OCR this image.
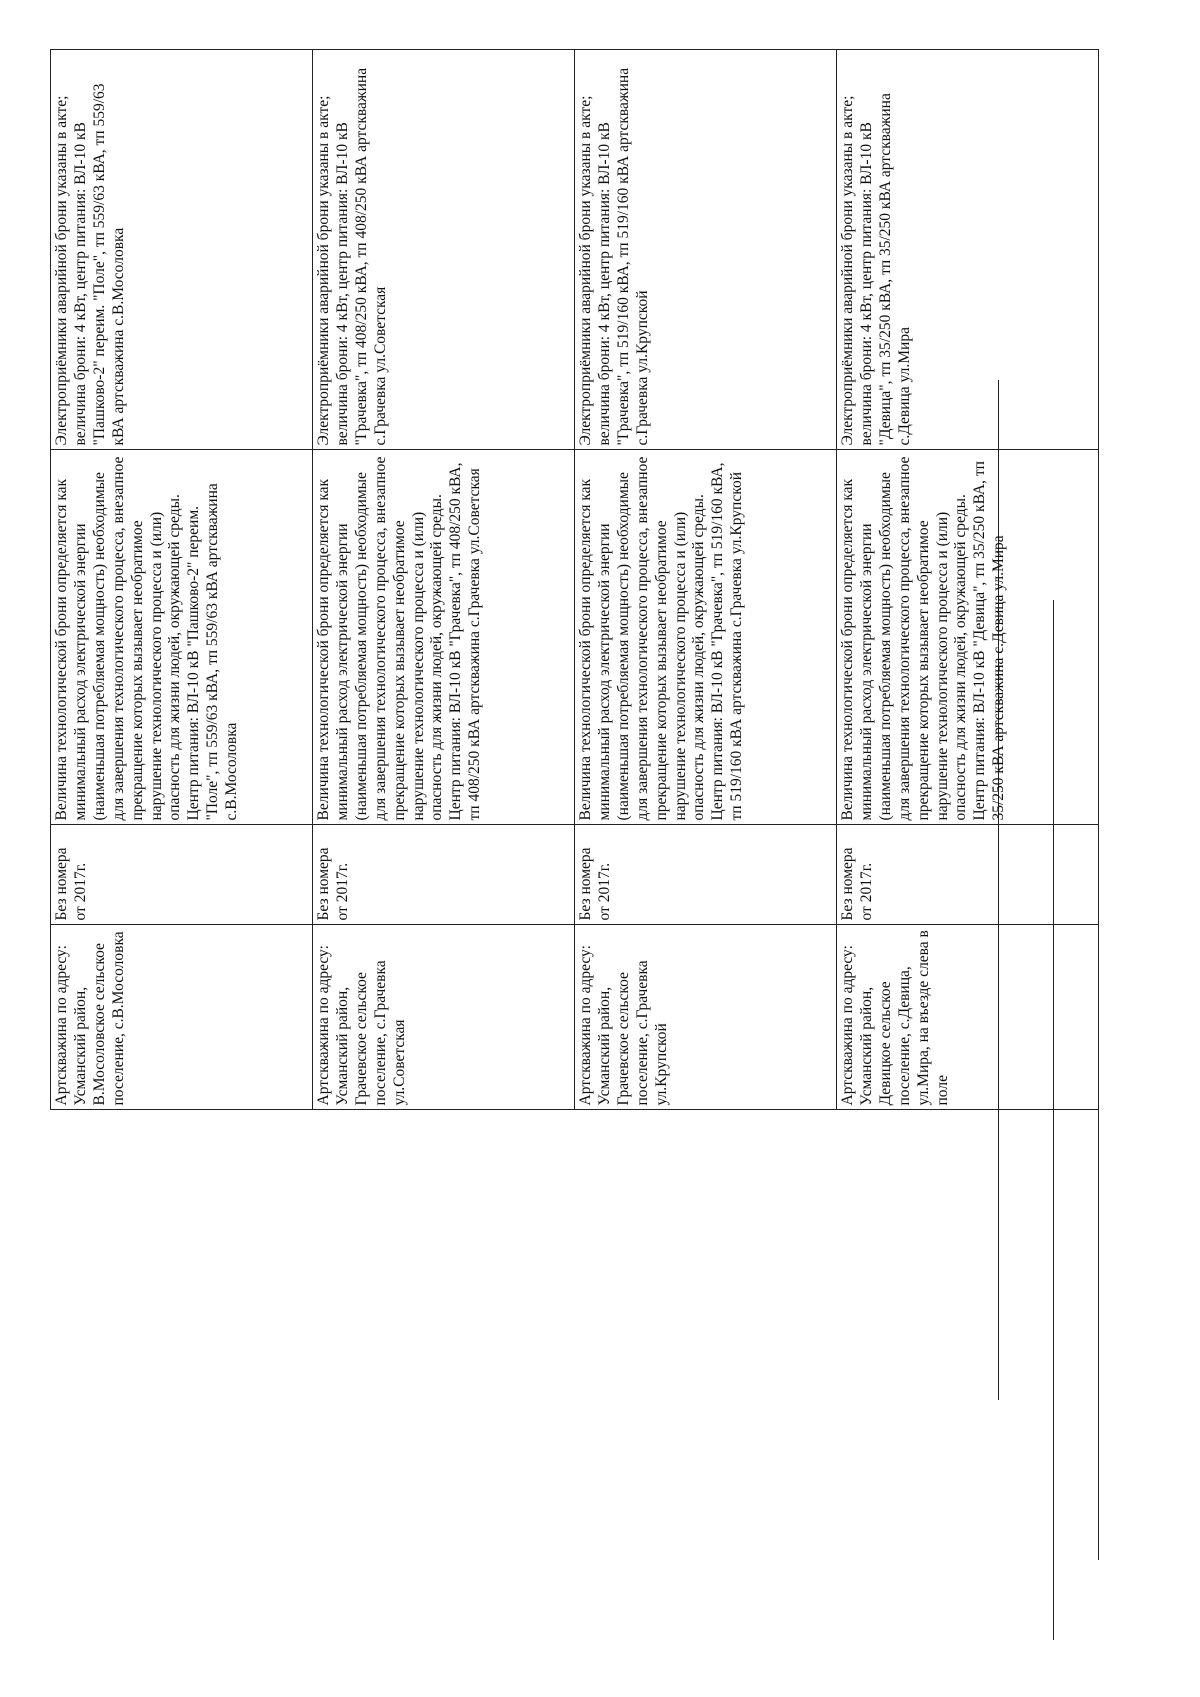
	Артскважина по адресу: Усманский район, В.Мосоловское сельское поселение, с.В.Мосоловка	Без номера от 2017г.	Величина технологической брони определяется как минимальный расход электрической энергии (наименьшая потребляемая мощность) необходимые для завершения технологического процесса, внезапное прекращение которых вызывает необратимое нарушение технологического процесса и (или) опасность для жизни людей, окружающей среды. Центр питания: ВЛ-10 кВ "Пашково-2" переим. "Поле", тп 559/63 кВА, тп 559/63 кВА артскважина с.В.Мосоловка	Электроприёмники аварийной брони указаны в акте; величина брони: 4 кВт, центр питания: ВЛ-10 кВ "Пашково-2" переим. "Поле", тп 559/63 кВА, тп 559/63 кВА артскважина с.В.Мосоловка
	Артскважина по адресу: Усманский район, Грачевское сельское поселение, с.Грачевка ул.Советская	Без номера от 2017г.	Величина технологической брони определяется как минимальный расход электрической энергии (наименьшая потребляемая мощность) необходимые для завершения технологического процесса, внезапное прекращение которых вызывает необратимое нарушение технологического процесса и (или) опасность для жизни людей, окружающей среды. Центр питания: ВЛ-10 кВ "Грачевка", тп 408/250 кВА, тп 408/250 кВА артскважина с.Грачевка ул.Советская	Электроприёмники аварийной брони указаны в акте; величина брони: 4 кВт, центр питания: ВЛ-10 кВ "Грачевка", тп 408/250 кВА, тп 408/250 кВА артскважина с.Грачевка ул.Советская
	Артскважина по адресу: Усманский район, Грачевское сельское поселение, с.Грачевка ул.Крупской	Без номера от 2017г.	Величина технологической брони определяется как минимальный расход электрической энергии (наименьшая потребляемая мощность) необходимые для завершения технологического процесса, внезапное прекращение которых вызывает необратимое нарушение технологического процесса и (или) опасность для жизни людей, окружающей среды. Центр питания: ВЛ-10 кВ "Грачевка", тп 519/160 кВА, тп 519/160 кВА артскважина с.Грачевка ул.Крупской	Электроприёмники аварийной брони указаны в акте; величина брони: 4 кВт, центр питания: ВЛ-10 кВ "Грачевка", тп 519/160 кВА, тп 519/160 кВА артскважина с.Грачевка ул.Крупской
	Артскважина по адресу: Усманский район, Девицкое сельское поселение, с.Девица, ул.Мира, на въезде слева в поле	Без номера от 2017г.	Величина технологической брони определяется как минимальный расход электрической энергии (наименьшая потребляемая мощность) необходимые для завершения технологического процесса, внезапное прекращение которых вызывает необратимое нарушение технологического процесса и (или) опасность для жизни людей, окружающей среды. Центр питания: ВЛ-10 кВ "Девица", тп 35/250 кВА, тп 35/250 кВА артскважина с.Девица ул.Мира	Электроприёмники аварийной брони указаны в акте; величина брони: 4 кВт, центр питания: ВЛ-10 кВ "Девица", тп 35/250 кВА, тп 35/250 кВА артскважина с.Девица ул.Мира
